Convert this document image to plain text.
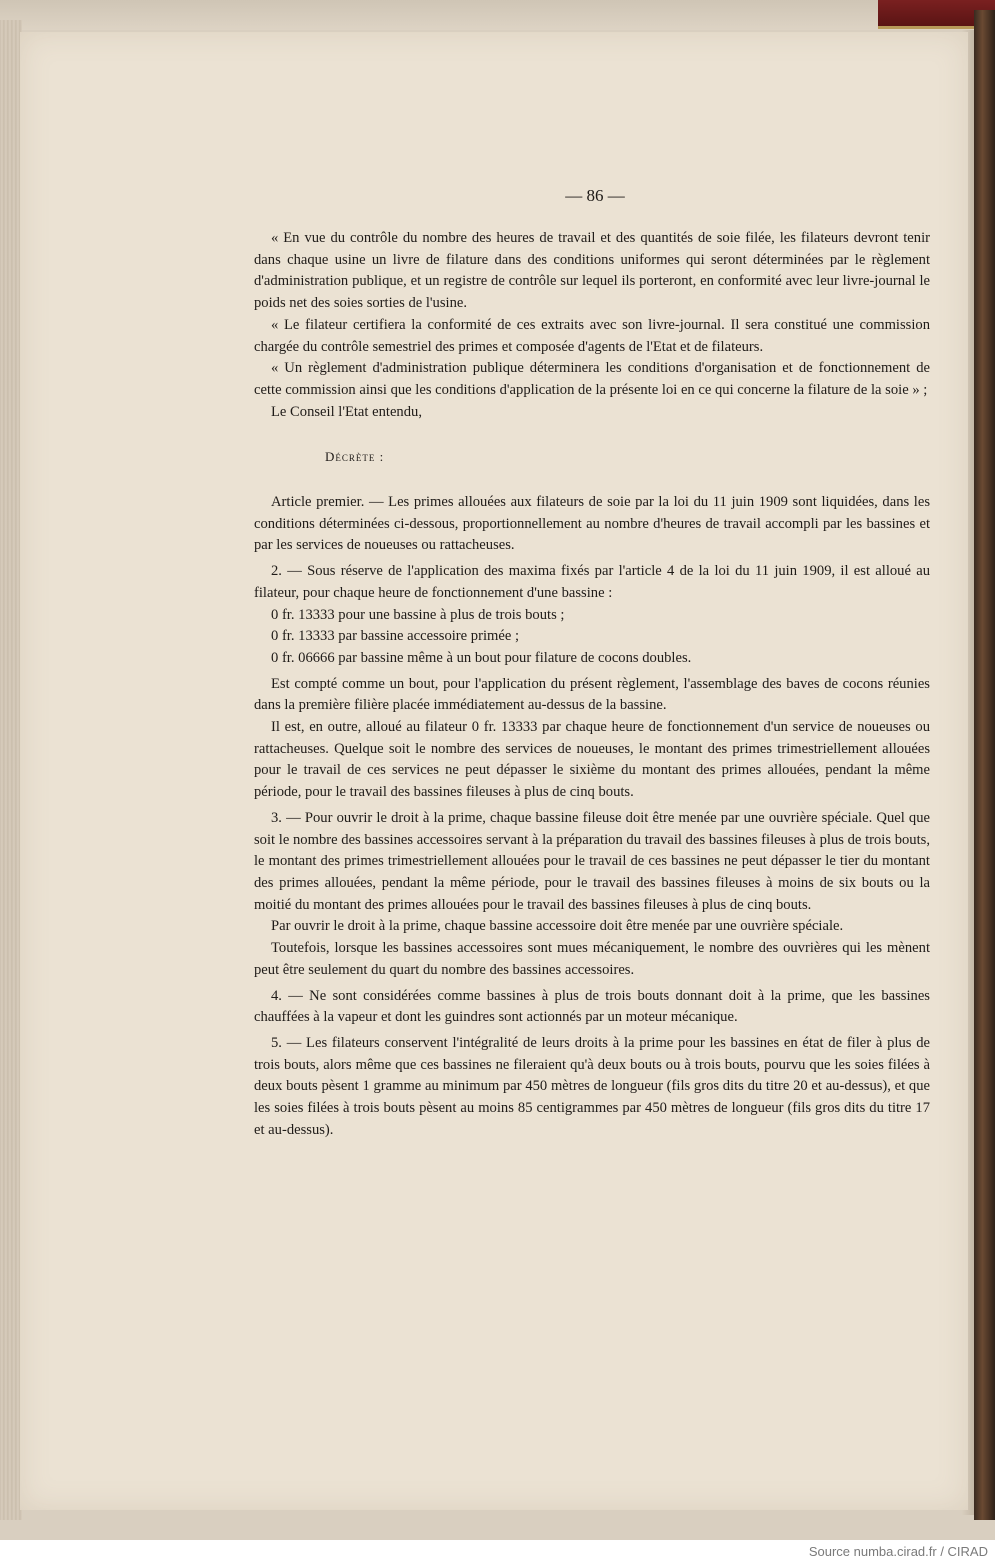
— 86 —

« En vue du contrôle du nombre des heures de travail et des quantités de soie filée, les filateurs devront tenir dans chaque usine un livre de filature dans des conditions uniformes qui seront déterminées par le règlement d'administration publique, et un registre de contrôle sur lequel ils porteront, en conformité avec leur livre-journal le poids net des soies sorties de l'usine.

« Le filateur certifiera la conformité de ces extraits avec son livre-journal. Il sera constitué une commission chargée du contrôle semestriel des primes et composée d'agents de l'Etat et de filateurs.

« Un règlement d'administration publique déterminera les conditions d'organisation et de fonctionnement de cette commission ainsi que les conditions d'application de la présente loi en ce qui concerne la filature de la soie » ;

Le Conseil l'Etat entendu,

Décrète :

Article premier. — Les primes allouées aux filateurs de soie par la loi du 11 juin 1909 sont liquidées, dans les conditions déterminées ci-dessous, proportionnellement au nombre d'heures de travail accompli par les bassines et par les services de noueuses ou rattacheuses.

2. — Sous réserve de l'application des maxima fixés par l'article 4 de la loi du 11 juin 1909, il est alloué au filateur, pour chaque heure de fonctionnement d'une bassine :

0 fr. 13333 pour une bassine à plus de trois bouts ;

0 fr. 13333 par bassine accessoire primée ;

0 fr. 06666 par bassine même à un bout pour filature de cocons doubles.

Est compté comme un bout, pour l'application du présent règlement, l'assemblage des baves de cocons réunies dans la première filière placée immédiatement au-dessus de la bassine.

Il est, en outre, alloué au filateur 0 fr. 13333 par chaque heure de fonctionnement d'un service de noueuses ou rattacheuses. Quelque soit le nombre des services de noueuses, le montant des primes trimestriellement allouées pour le travail de ces services ne peut dépasser le sixième du montant des primes allouées, pendant la même période, pour le travail des bassines fileuses à plus de cinq bouts.

3. — Pour ouvrir le droit à la prime, chaque bassine fileuse doit être menée par une ouvrière spéciale. Quel que soit le nombre des bassines accessoires servant à la préparation du travail des bassines fileuses à plus de trois bouts, le montant des primes trimestriellement allouées pour le travail de ces bassines ne peut dépasser le tier du montant des primes allouées, pendant la même période, pour le travail des bassines fileuses à moins de six bouts ou la moitié du montant des primes allouées pour le travail des bassines fileuses à plus de cinq bouts.

Par ouvrir le droit à la prime, chaque bassine accessoire doit être menée par une ouvrière spéciale.

Toutefois, lorsque les bassines accessoires sont mues mécaniquement, le nombre des ouvrières qui les mènent peut être seulement du quart du nombre des bassines accessoires.

4. — Ne sont considérées comme bassines à plus de trois bouts donnant doit à la prime, que les bassines chauffées à la vapeur et dont les guindres sont actionnés par un moteur mécanique.

5. — Les filateurs conservent l'intégralité de leurs droits à la prime pour les bassines en état de filer à plus de trois bouts, alors même que ces bassines ne fileraient qu'à deux bouts ou à trois bouts, pourvu que les soies filées à deux bouts pèsent 1 gramme au minimum par 450 mètres de longueur (fils gros dits du titre 20 et au-dessus), et que les soies filées à trois bouts pèsent au moins 85 centigrammes par 450 mètres de longueur (fils gros dits du titre 17 et au-dessus).

Source numba.cirad.fr / CIRAD
